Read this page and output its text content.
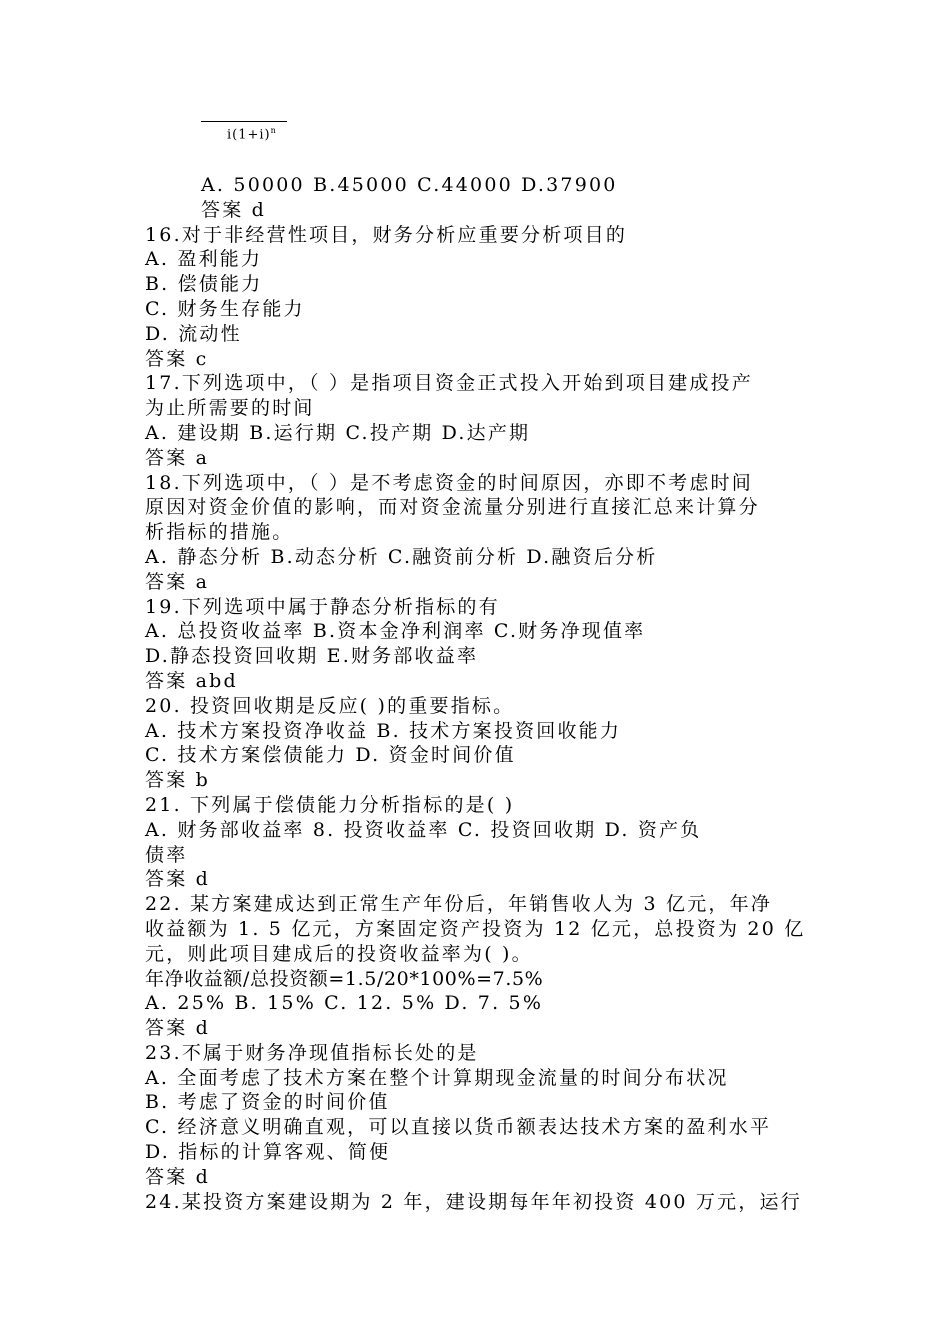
$i(1+i)^n$
A. 50000 B.45000 C.44000 D.37900
答案 d
16.对于非经营性项目，财务分析应重要分析项目的
A. 盈利能力
B. 偿债能力
C. 财务生存能力
D. 流动性
答案 c
17.下列选项中，（ ）是指项目资金正式投入开始到项目建成投产
为止所需要的时间
A. 建设期 B.运行期 C.投产期 D.达产期
答案 a
18.下列选项中，（ ）是不考虑资金的时间原因，亦即不考虑时间
原因对资金价值的影响，而对资金流量分别进行直接汇总来计算分
析指标的措施。
A. 静态分析 B.动态分析 C.融资前分析 D.融资后分析
答案 a
19.下列选项中属于静态分析指标的有
A. 总投资收益率 B.资本金净利润率 C.财务净现值率
D.静态投资回收期 E.财务部收益率
答案 abd
20. 投资回收期是反应( )的重要指标。
A. 技术方案投资净收益 B. 技术方案投资回收能力
C. 技术方案偿债能力 D. 资金时间价值
答案 b
21. 下列属于偿债能力分析指标的是( )
A. 财务部收益率 8. 投资收益率 C. 投资回收期 D. 资产负
债率
答案 d
22. 某方案建成达到正常生产年份后，年销售收人为 3 亿元，年净
收益额为 1. 5 亿元，方案固定资产投资为 12 亿元，总投资为 20 亿
元，则此项目建成后的投资收益率为( )。
年净收益额/总投资额=1.5/20*100%=7.5%
A. 25% B. 15% C. 12. 5% D. 7. 5%
答案 d
23.不属于财务净现值指标长处的是
A. 全面考虑了技术方案在整个计算期现金流量的时间分布状况
B. 考虑了资金的时间价值
C. 经济意义明确直观，可以直接以货币额表达技术方案的盈利水平
D. 指标的计算客观、简便
答案 d
24.某投资方案建设期为 2 年，建设期每年年初投资 400 万元，运行
